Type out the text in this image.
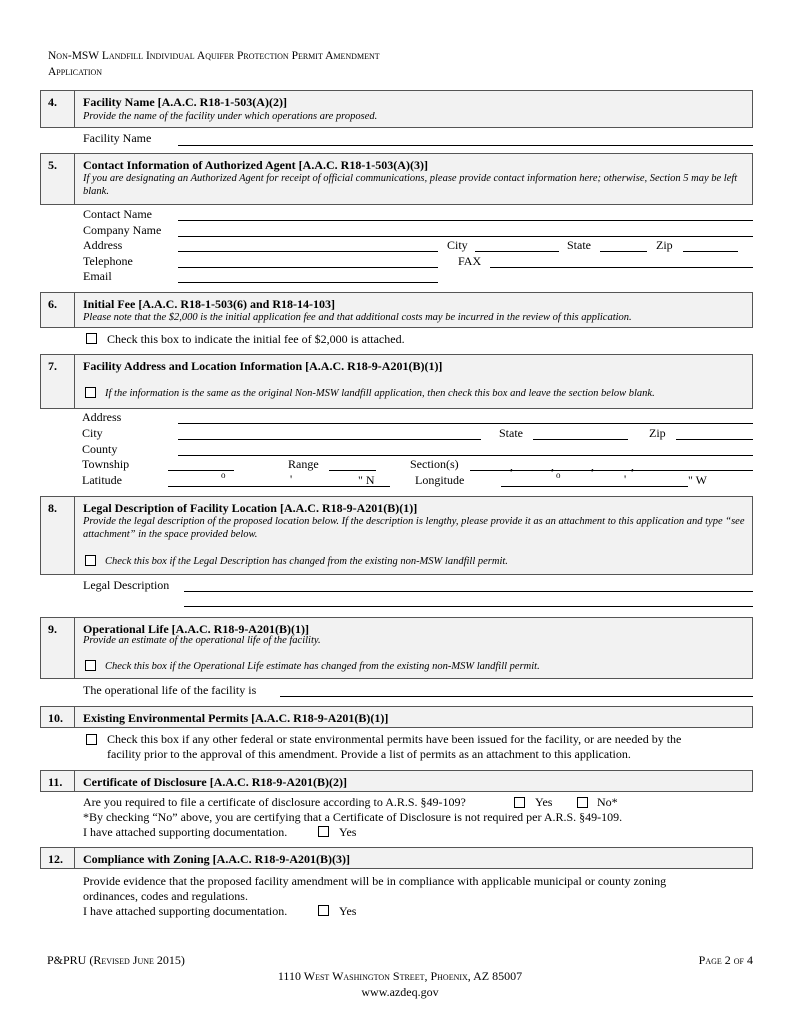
Non-MSW Landfill Individual Aquifer Protection Permit Amendment
Application
4. Facility Name [A.A.C. R18-1-503(A)(2)]
Provide the name of the facility under which operations are proposed.
Facility Name
5. Contact Information of Authorized Agent [A.A.C. R18-1-503(A)(3)]
If you are designating an Authorized Agent for receipt of official communications, please provide contact information here; otherwise, Section 5 may be left blank.
Contact Name
Company Name
Address	City	State	Zip
Telephone	FAX
Email
6. Initial Fee [A.A.C. R18-1-503(6) and R18-14-103]
Please note that the $2,000 is the initial application fee and that additional costs may be incurred in the review of this application.
Check this box to indicate the initial fee of $2,000 is attached.
7. Facility Address and Location Information [A.A.C. R18-9-A201(B)(1)]
If the information is the same as the original Non-MSW landfill application, then check this box and leave the section below blank.
Address
City	State	Zip
County
Township	Range	Section(s)	,	,	,	,
Latitude	o	'	" N	Longitude	o	'	" W
8. Legal Description of Facility Location [A.A.C. R18-9-A201(B)(1)]
Provide the legal description of the proposed location below. If the description is lengthy, please provide it as an attachment to this application and type “see attachment” in the space provided below.
Check this box if the Legal Description has changed from the existing non-MSW landfill permit.
Legal Description
9. Operational Life [A.A.C. R18-9-A201(B)(1)]
Provide an estimate of the operational life of the facility.
Check this box if the Operational Life estimate has changed from the existing non-MSW landfill permit.
The operational life of the facility is
10. Existing Environmental Permits [A.A.C. R18-9-A201(B)(1)]
Check this box if any other federal or state environmental permits have been issued for the facility, or are needed by the
facility prior to the approval of this amendment. Provide a list of permits as an attachment to this application.
11. Certificate of Disclosure [A.A.C. R18-9-A201(B)(2)]
Are you required to file a certificate of disclosure according to A.R.S. §49-109?	Yes	No*
*By checking “No” above, you are certifying that a Certificate of Disclosure is not required per A.R.S. §49-109.
I have attached supporting documentation.	Yes
12. Compliance with Zoning [A.A.C. R18-9-A201(B)(3)]
Provide evidence that the proposed facility amendment will be in compliance with applicable municipal or county zoning
ordinances, codes and regulations.
I have attached supporting documentation.	Yes
P&PRU (Revised June 2015)	Page 2 of 4
1110 West Washington Street, Phoenix, AZ 85007
www.azdeq.gov
